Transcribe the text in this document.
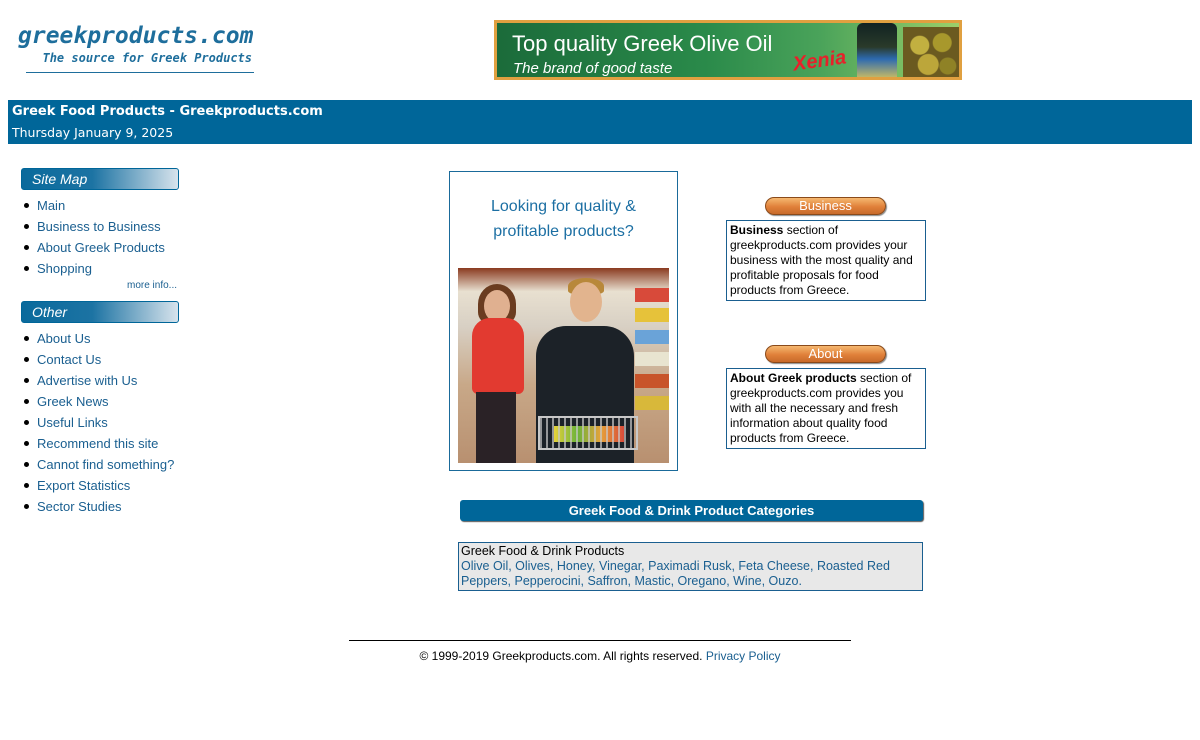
greekproducts.com
The source for Greek Products
Top quality Greek Olive Oil
The brand of good taste	Xenia
Greek Food Products - Greekproducts.com
Thursday January 9, 2025
Site Map
Main
Business to Business
About Greek Products
Shopping
more info...
Other
About Us
Contact Us
Advertise with Us
Greek News
Useful Links
Recommend this site
Cannot find something?
Export Statistics
Sector Studies
Looking for quality &
profitable products?
Business
Business section of greekproducts.com provides your business with the most quality and profitable proposals for food products from Greece.
About
About Greek products section of greekproducts.com provides you with all the necessary and fresh information about quality food products from Greece.
Greek Food & Drink Product Categories
Greek Food & Drink Products
Olive Oil, Olives, Honey, Vinegar, Paximadi Rusk, Feta Cheese, Roasted Red Peppers, Pepperocini, Saffron, Mastic, Oregano, Wine, Ouzo.
© 1999-2019 Greekproducts.com. All rights reserved. Privacy Policy
